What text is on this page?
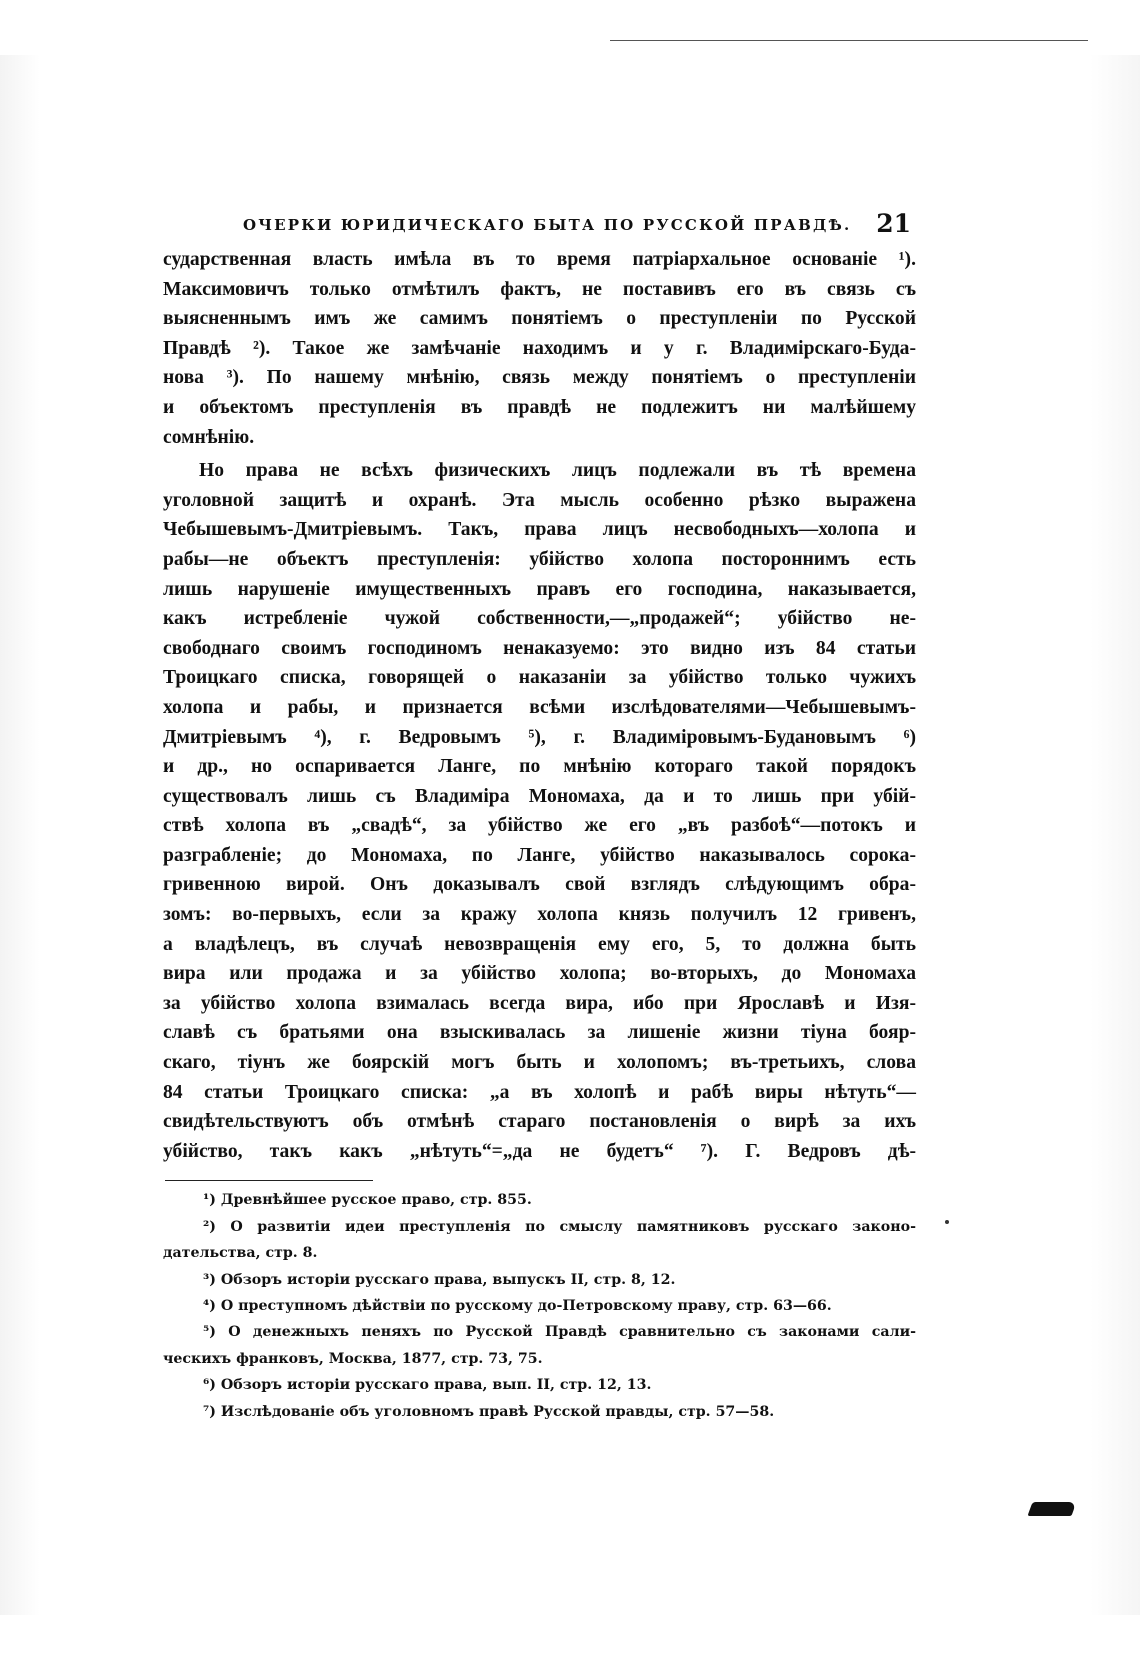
ОЧЕРКИ ЮРИДИЧЕСКАГО БЫТА ПО РУССКОЙ ПРАВДѢ. 21

сударственная власть имѣла въ то время патріархальное основаніе ¹).
Максимовичъ только отмѣтилъ фактъ, не поставивъ его въ связь съ
выясненнымъ имъ же самимъ понятіемъ о преступленіи по Русской
Правдѣ ²). Такое же замѣчаніе находимъ и у г. Владимірскаго-Буда-
нова ³). По нашему мнѣнію, связь между понятіемъ о преступленіи
и объектомъ преступленія въ правдѣ не подлежитъ ни малѣйшему
сомнѣнію.

Но права не всѣхъ физическихъ лицъ подлежали въ тѣ времена
уголовной защитѣ и охранѣ. Эта мысль особенно рѣзко выражена
Чебышевымъ-Дмитріевымъ. Такъ, права лицъ несвободныхъ—холопа и
рабы—не объектъ преступленія: убійство холопа постороннимъ есть
лишь нарушеніе имущественныхъ правъ его господина, наказывается,
какъ истребленіе чужой собственности,—„продажей“; убійство не-
свободнаго своимъ господиномъ ненаказуемо: это видно изъ 84 статьи
Троицкаго списка, говорящей о наказаніи за убійство только чужихъ
холопа и рабы, и признается всѣми изслѣдователями—Чебышевымъ-
Дмитріевымъ ⁴), г. Ведровымъ ⁵), г. Владиміровымъ-Будановымъ ⁶)
и др., но оспаривается Ланге, по мнѣнію котораго такой порядокъ
существовалъ лишь съ Владиміра Мономаха, да и то лишь при убій-
ствѣ холопа въ „свадѣ“, за убійство же его „въ разбоѣ“—потокъ и
разграбленіе; до Мономаха, по Ланге, убійство наказывалось сорока-
гривенною вирой. Онъ доказывалъ свой взглядъ слѣдующимъ обра-
зомъ: во-первыхъ, если за кражу холопа князь получилъ 12 гривенъ,
а владѣлецъ, въ случаѣ невозвращенія ему его, 5, то должна быть
вира или продажа и за убійство холопа; во-вторыхъ, до Мономаха
за убійство холопа взималась всегда вира, ибо при Ярославѣ и Изя-
славѣ съ братьями она взыскивалась за лишеніе жизни тіуна бояр-
скаго, тіунъ же боярскій могъ быть и холопомъ; въ-третьихъ, слова
84 статьи Троицкаго списка: „а въ холопѣ и рабѣ виры нѣтуть“—
свидѣтельствуютъ объ отмѣнѣ стараго постановленія о вирѣ за ихъ
убійство, такъ какъ „нѣтуть“=„да не будетъ“ ⁷). Г. Ведровъ дѣ-

¹) Древнѣйшее русское право, стр. 855.
²) О развитіи идеи преступленія по смыслу памятниковъ русскаго законо-
дательства, стр. 8.
³) Обзоръ исторіи русскаго права, выпускъ II, стр. 8, 12.
⁴) О преступномъ дѣйствіи по русскому до-Петровскому праву, стр. 63—66.
⁵) О денежныхъ пеняхъ по Русской Правдѣ сравнительно съ законами сали-
ческихъ франковъ, Москва, 1877, стр. 73, 75.
⁶) Обзоръ исторіи русскаго права, вып. II, стр. 12, 13.
⁷) Изслѣдованіе объ уголовномъ правѣ Русской правды, стр. 57—58.
